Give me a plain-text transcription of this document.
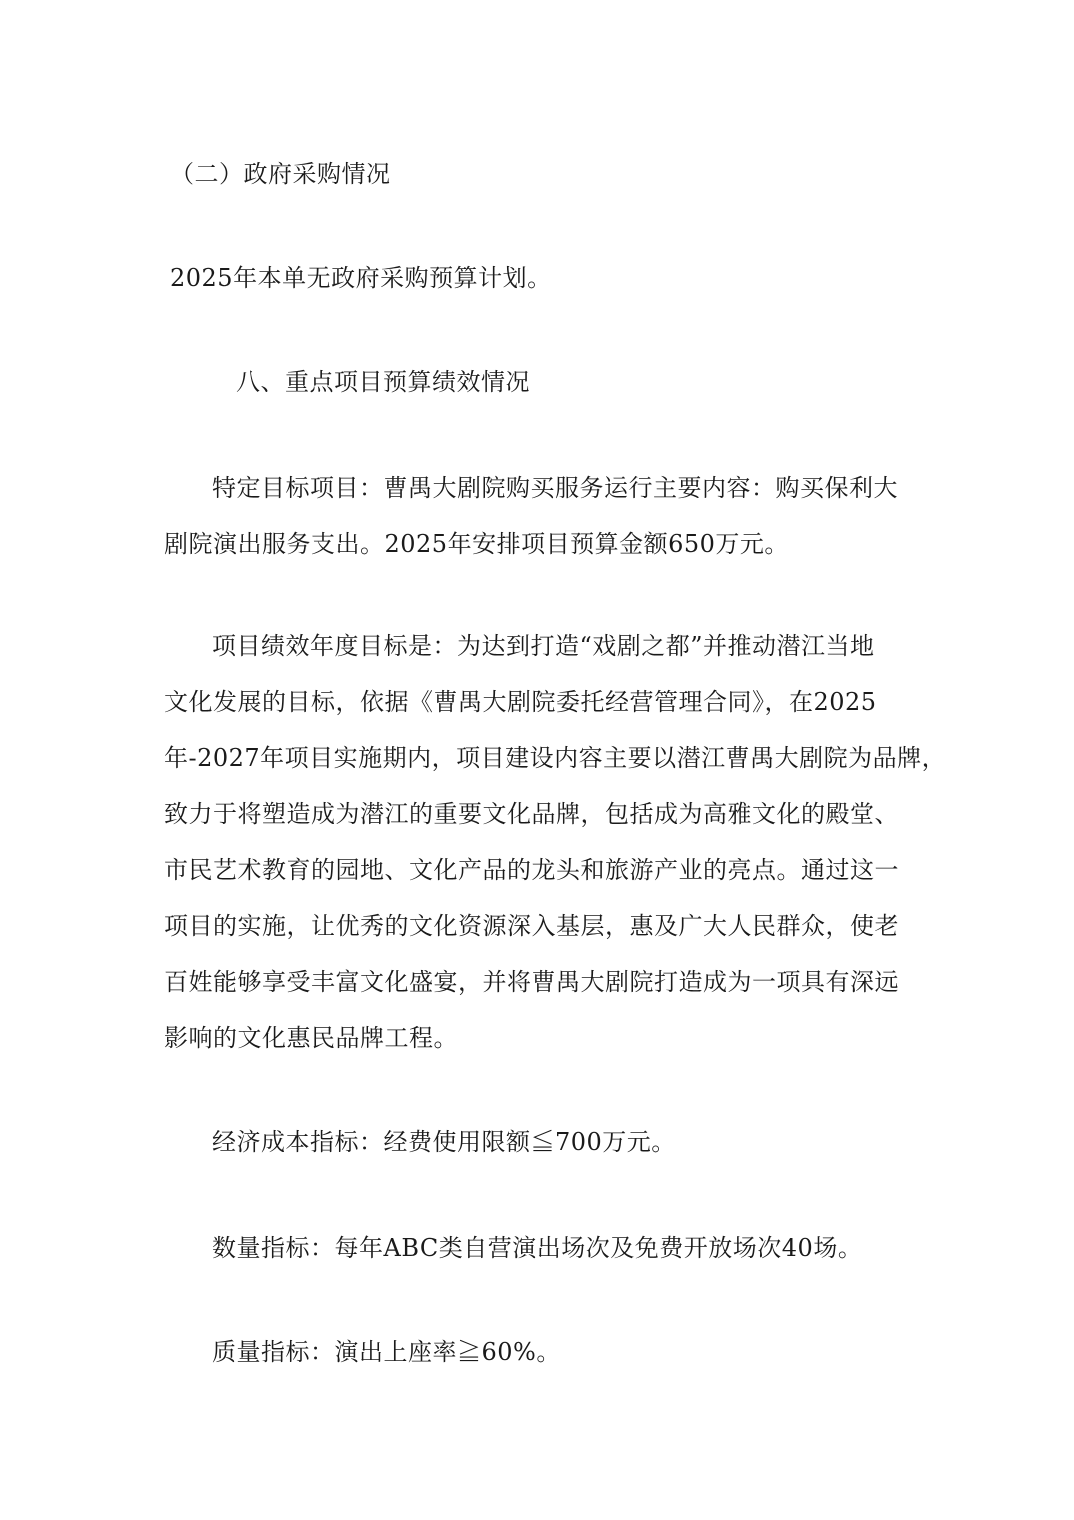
（二）政府采购情况
2025年本单无政府采购预算计划。
八、重点项目预算绩效情况
特定目标项目：曹禺大剧院购买服务运行主要内容：购买保利大
剧院演出服务支出。2025年安排项目预算金额650万元。
项目绩效年度目标是：为达到打造“戏剧之都”并推动潜江当地
文化发展的目标，依据《曹禺大剧院委托经营管理合同》，在2025
年-2027年项目实施期内，项目建设内容主要以潜江曹禺大剧院为品牌，
致力于将塑造成为潜江的重要文化品牌，包括成为高雅文化的殿堂、
市民艺术教育的园地、文化产品的龙头和旅游产业的亮点。通过这一
项目的实施，让优秀的文化资源深入基层，惠及广大人民群众，使老
百姓能够享受丰富文化盛宴，并将曹禺大剧院打造成为一项具有深远
影响的文化惠民品牌工程。
经济成本指标：经费使用限额≦700万元。
数量指标：每年ABC类自营演出场次及免费开放场次40场。
质量指标：演出上座率≧60%。
